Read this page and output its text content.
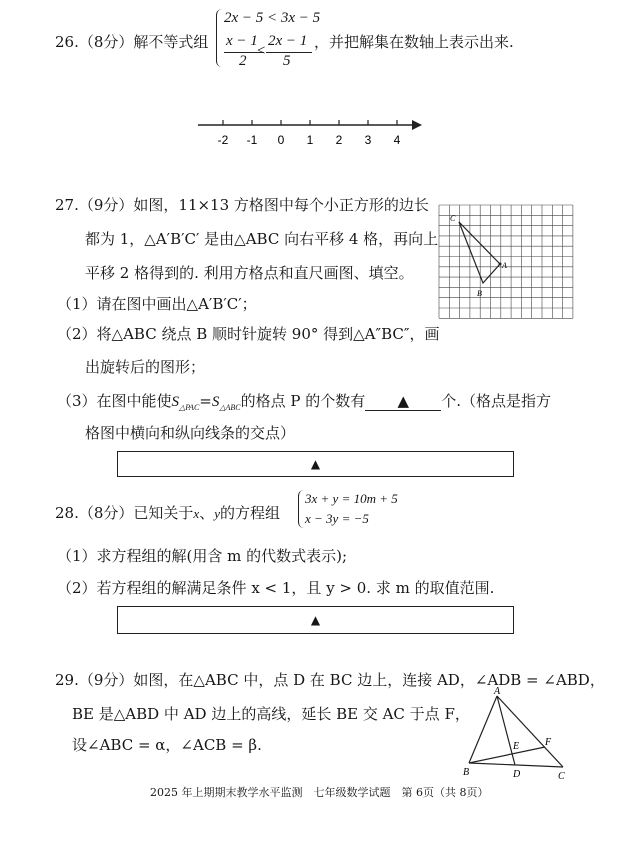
26.（8分）解不等式组
2x − 5 < 3x − 5
x − 1
2
<
2x − 1
5
，并把解集在数轴上表示出来.
-2 -1 0 1 2 3 4
27.（9分）如图，11×13 方格图中每个小正方形的边长
都为 1，△A′B′C′ 是由△ABC 向右平移 4 格，再向上
平移 2 格得到的. 利用方格点和直尺画图、填空。
（1）请在图中画出△A′B′C′；
（2）将△ABC 绕点 B 顺时针旋转 90° 得到△A″BC″，画
出旋转后的图形；
（3）在图中能使$S_{\triangle PAC}=S_{\triangle ABC}$的格点 P 的个数有 ▲ 个.（格点是指方
格图中横向和纵向线条的交点）
C
A
B
▲
28.（8分）已知关于x、y的方程组
3x + y = 10m + 5
x − 3y = −5
（1）求方程组的解(用含 m 的代数式表示);
（2）若方程组的解满足条件 x < 1，且 y > 0. 求 m 的取值范围.
▲
29.（9分）如图，在△ABC 中，点 D 在 BC 边上，连接 AD，∠ADB = ∠ABD，
BE 是△ABD 中 AD 边上的高线，延长 BE 交 AC 于点 F，
设∠ABC = α，∠ACB = β.
A
B	C
D
E	F
2025 年上期期末教学水平监测　七年级数学试题　第 6页（共 8页）
